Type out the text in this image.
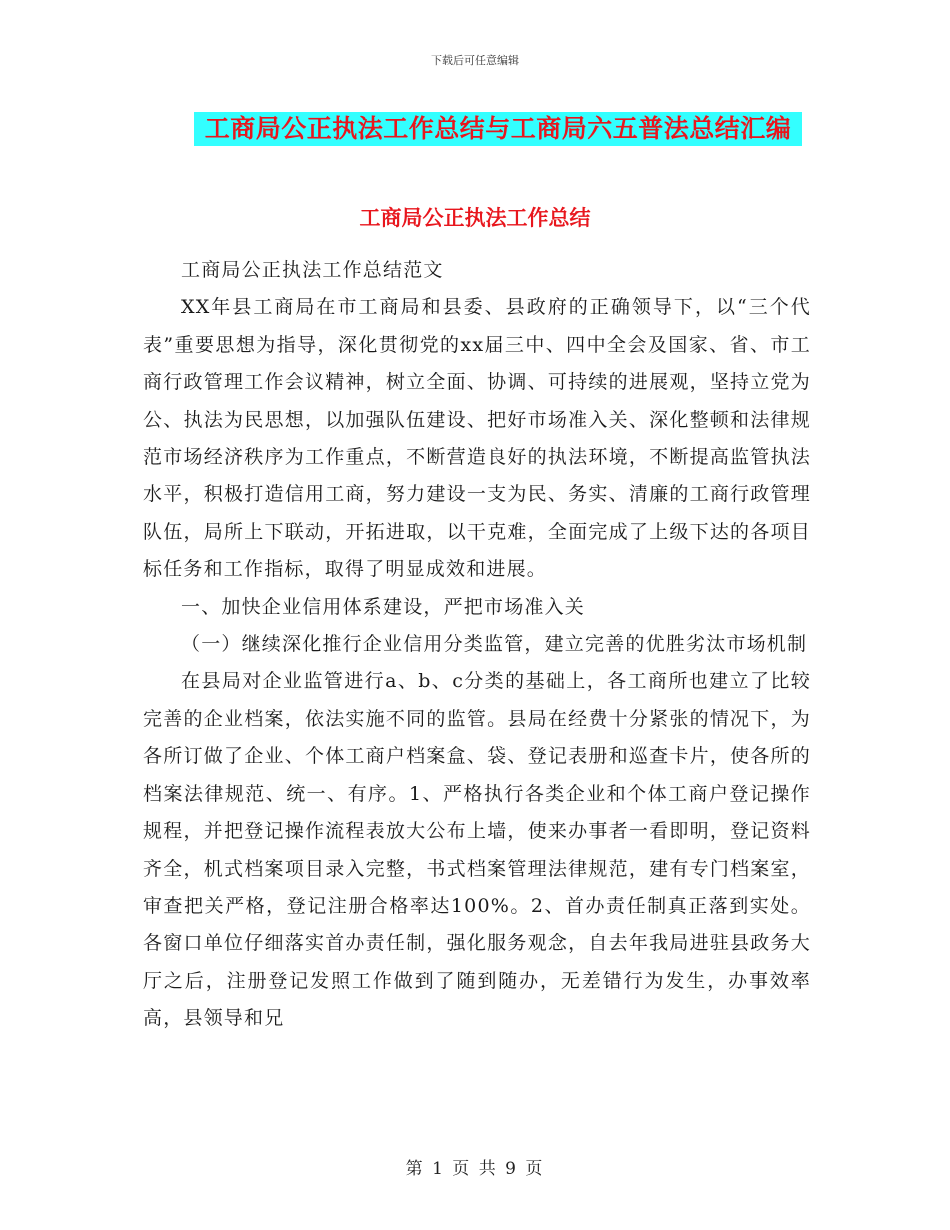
下载后可任意编辑
工商局公正执法工作总结与工商局六五普法总结汇编
工商局公正执法工作总结

工商局公正执法工作总结范文

XX年县工商局在市工商局和县委、县政府的正确领导下，以“三个代表”重要思想为指导，深化贯彻党的xx届三中、四中全会及国家、省、市工商行政管理工作会议精神，树立全面、协调、可持续的进展观，坚持立党为公、执法为民思想，以加强队伍建设、把好市场准入关、深化整顿和法律规范市场经济秩序为工作重点，不断营造良好的执法环境，不断提高监管执法水平，积极打造信用工商，努力建设一支为民、务实、清廉的工商行政管理队伍，局所上下联动，开拓进取，以干克难，全面完成了上级下达的各项目标任务和工作指标，取得了明显成效和进展。

一、加快企业信用体系建设，严把市场准入关

（一）继续深化推行企业信用分类监管，建立完善的优胜劣汰市场机制

在县局对企业监管进行a、b、c分类的基础上，各工商所也建立了比较完善的企业档案，依法实施不同的监管。县局在经费十分紧张的情况下，为各所订做了企业、个体工商户档案盒、袋、登记表册和巡查卡片，使各所的档案法律规范、统一、有序。1、严格执行各类企业和个体工商户登记操作规程，并把登记操作流程表放大公布上墙，使来办事者一看即明，登记资料齐全，机式档案项目录入完整，书式档案管理法律规范，建有专门档案室，审查把关严格，登记注册合格率达100%。2、首办责任制真正落到实处。各窗口单位仔细落实首办责任制，强化服务观念，自去年我局进驻县政务大厅之后，注册登记发照工作做到了随到随办，无差错行为发生，办事效率高，县领导和兄

第 1 页 共 9 页
